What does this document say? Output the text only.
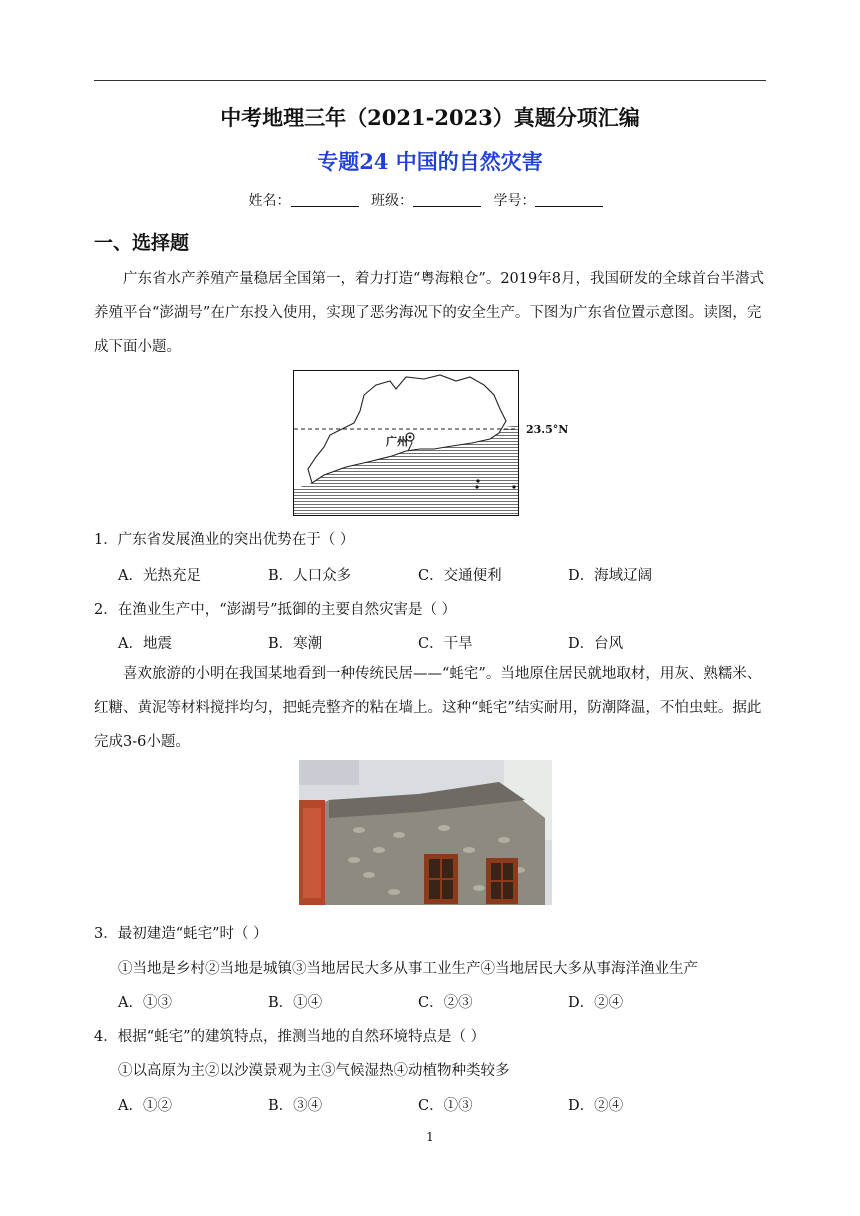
中考地理三年（2021-2023）真题分项汇编
专题24 中国的自然灾害
姓名：	班级：	学号：
一、选择题
广东省水产养殖产量稳居全国第一，着力打造“粤海粮仓”。2019年8月，我国研发的全球首台半潜式养殖平台“澎湖号”在广东投入使用，实现了恶劣海况下的安全生产。下图为广东省位置示意图。读图，完成下面小题。
广州
23.5°N
1．广东省发展渔业的突出优势在于（ ）
A．光热充足	B．人口众多	C．交通便利	D．海域辽阔
2．在渔业生产中，“澎湖号”抵御的主要自然灾害是（ ）
A．地震	B．寒潮	C．干旱	D．台风
喜欢旅游的小明在我国某地看到一种传统民居——“蚝宅”。当地原住居民就地取材，用灰、熟糯米、红糖、黄泥等材料搅拌均匀，把蚝壳整齐的粘在墙上。这种“蚝宅”结实耐用，防潮降温，不怕虫蛀。据此完成3-6小题。
3．最初建造“蚝宅”时（ ）
①当地是乡村②当地是城镇③当地居民大多从事工业生产④当地居民大多从事海洋渔业生产
A．①③	B．①④	C．②③	D．②④
4．根据“蚝宅”的建筑特点，推测当地的自然环境特点是（ ）
①以高原为主②以沙漠景观为主③气候湿热④动植物种类较多
A．①②	B．③④	C．①③	D．②④
1
